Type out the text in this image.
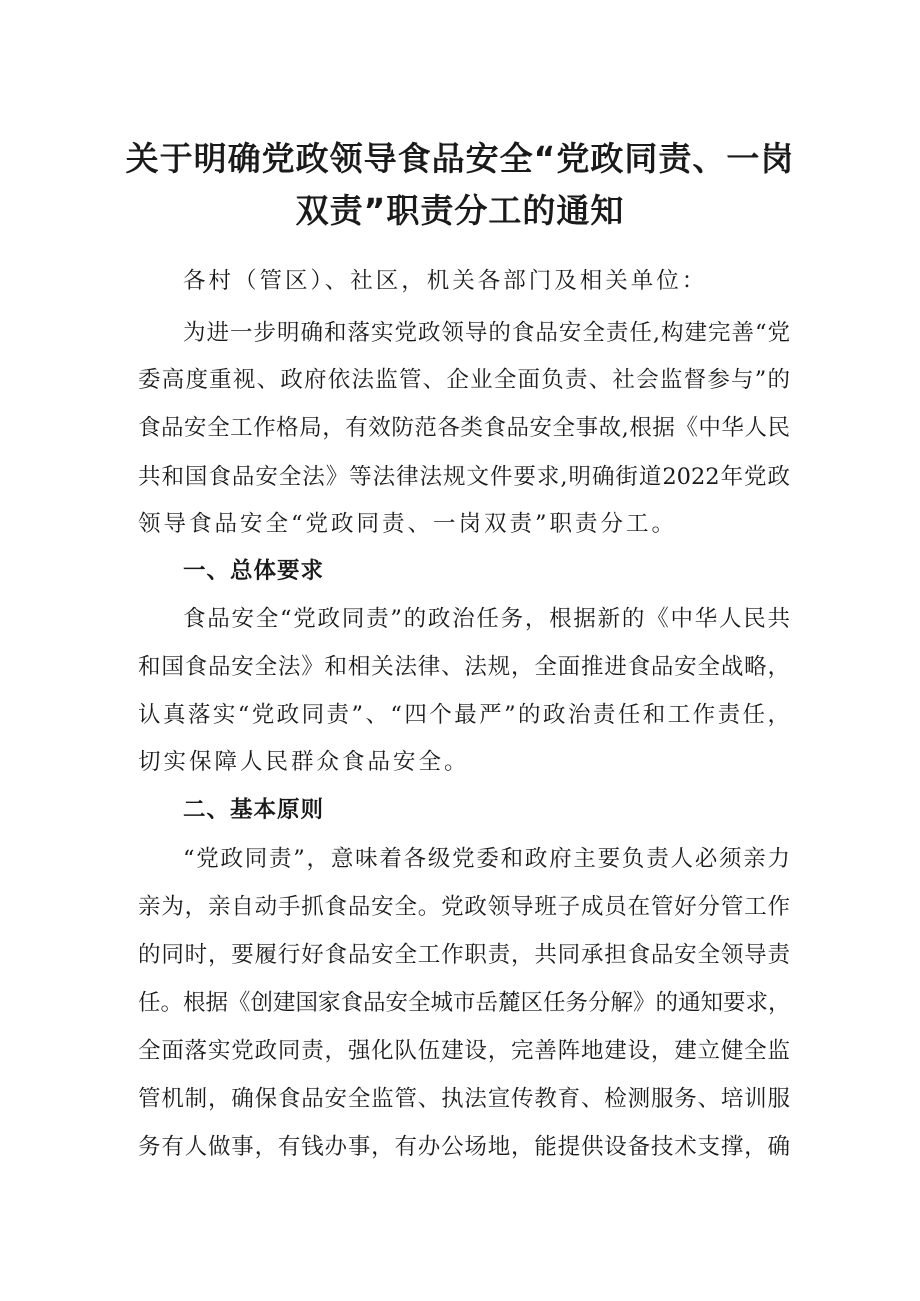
关于明确党政领导食品安全“党政同责、一岗
双责”职责分工的通知
各村（管区）、社区，机关各部门及相关单位：
为进一步明确和落实党政领导的食品安全责任,构建完善“党
委高度重视、政府依法监管、企业全面负责、社会监督参与”的
食品安全工作格局，有效防范各类食品安全事故,根据《中华人民
共和国食品安全法》等法律法规文件要求,明确街道2022年党政
领导食品安全“党政同责、一岗双责”职责分工。
一、总体要求
食品安全“党政同责”的政治任务，根据新的《中华人民共
和国食品安全法》和相关法律、法规，全面推进食品安全战略，
认真落实“党政同责”、“四个最严”的政治责任和工作责任，
切实保障人民群众食品安全。
二、基本原则
“党政同责”，意味着各级党委和政府主要负责人必须亲力
亲为，亲自动手抓食品安全。党政领导班子成员在管好分管工作
的同时，要履行好食品安全工作职责，共同承担食品安全领导责
任。根据《创建国家食品安全城市岳麓区任务分解》的通知要求，
全面落实党政同责，强化队伍建设，完善阵地建设，建立健全监
管机制，确保食品安全监管、执法宣传教育、检测服务、培训服
务有人做事，有钱办事，有办公场地，能提供设备技术支撑，确
